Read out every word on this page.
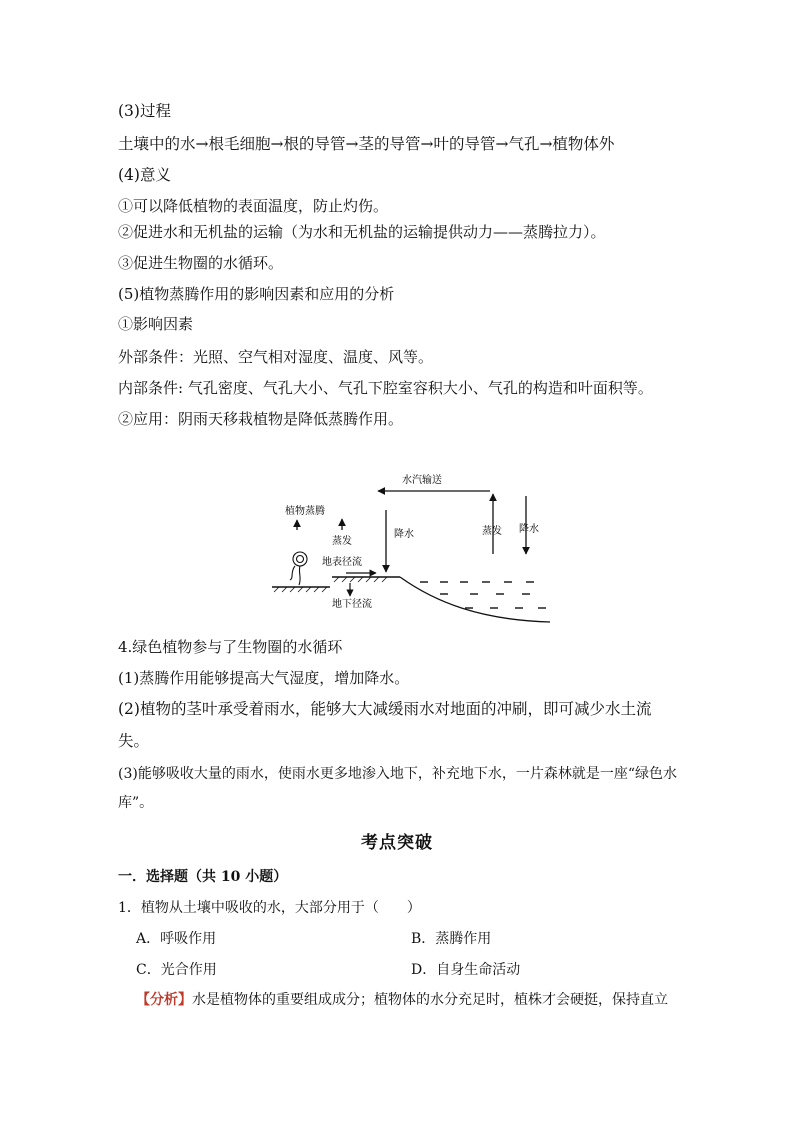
(3)过程
土壤中的水→根毛细胞→根的导管→茎的导管→叶的导管→气孔→植物体外
(4)意义
①可以降低植物的表面温度，防止灼伤。
②促进水和无机盐的运输（为水和无机盐的运输提供动力——蒸腾拉力）。
③促进生物圈的水循环。
(5)植物蒸腾作用的影响因素和应用的分析
①影响因素
外部条件：光照、空气相对湿度、温度、风等。
内部条件: 气孔密度、气孔大小、气孔下腔室容积大小、气孔的构造和叶面积等。
②应用：阴雨天移栽植物是降低蒸腾作用。
水汽输送
植物蒸腾
蒸发
降水
地表径流
地下径流
蒸发 降水
4.绿色植物参与了生物圈的水循环
(1)蒸腾作用能够提高大气湿度，增加降水。
(2)植物的茎叶承受着雨水，能够大大减缓雨水对地面的冲刷，即可减少水土流
失。
(3)能够吸收大量的雨水，使雨水更多地渗入地下，补充地下水，一片森林就是一座“绿色水
库”。
考点突破
一．选择题（共 10 小题）
1．植物从土壤中吸收的水，大部分用于（　　）
A．呼吸作用	B．蒸腾作用
C．光合作用	D．自身生命活动
【分析】水是植物体的重要组成成分；植物体的水分充足时，植株才会硬挺，保持直立
